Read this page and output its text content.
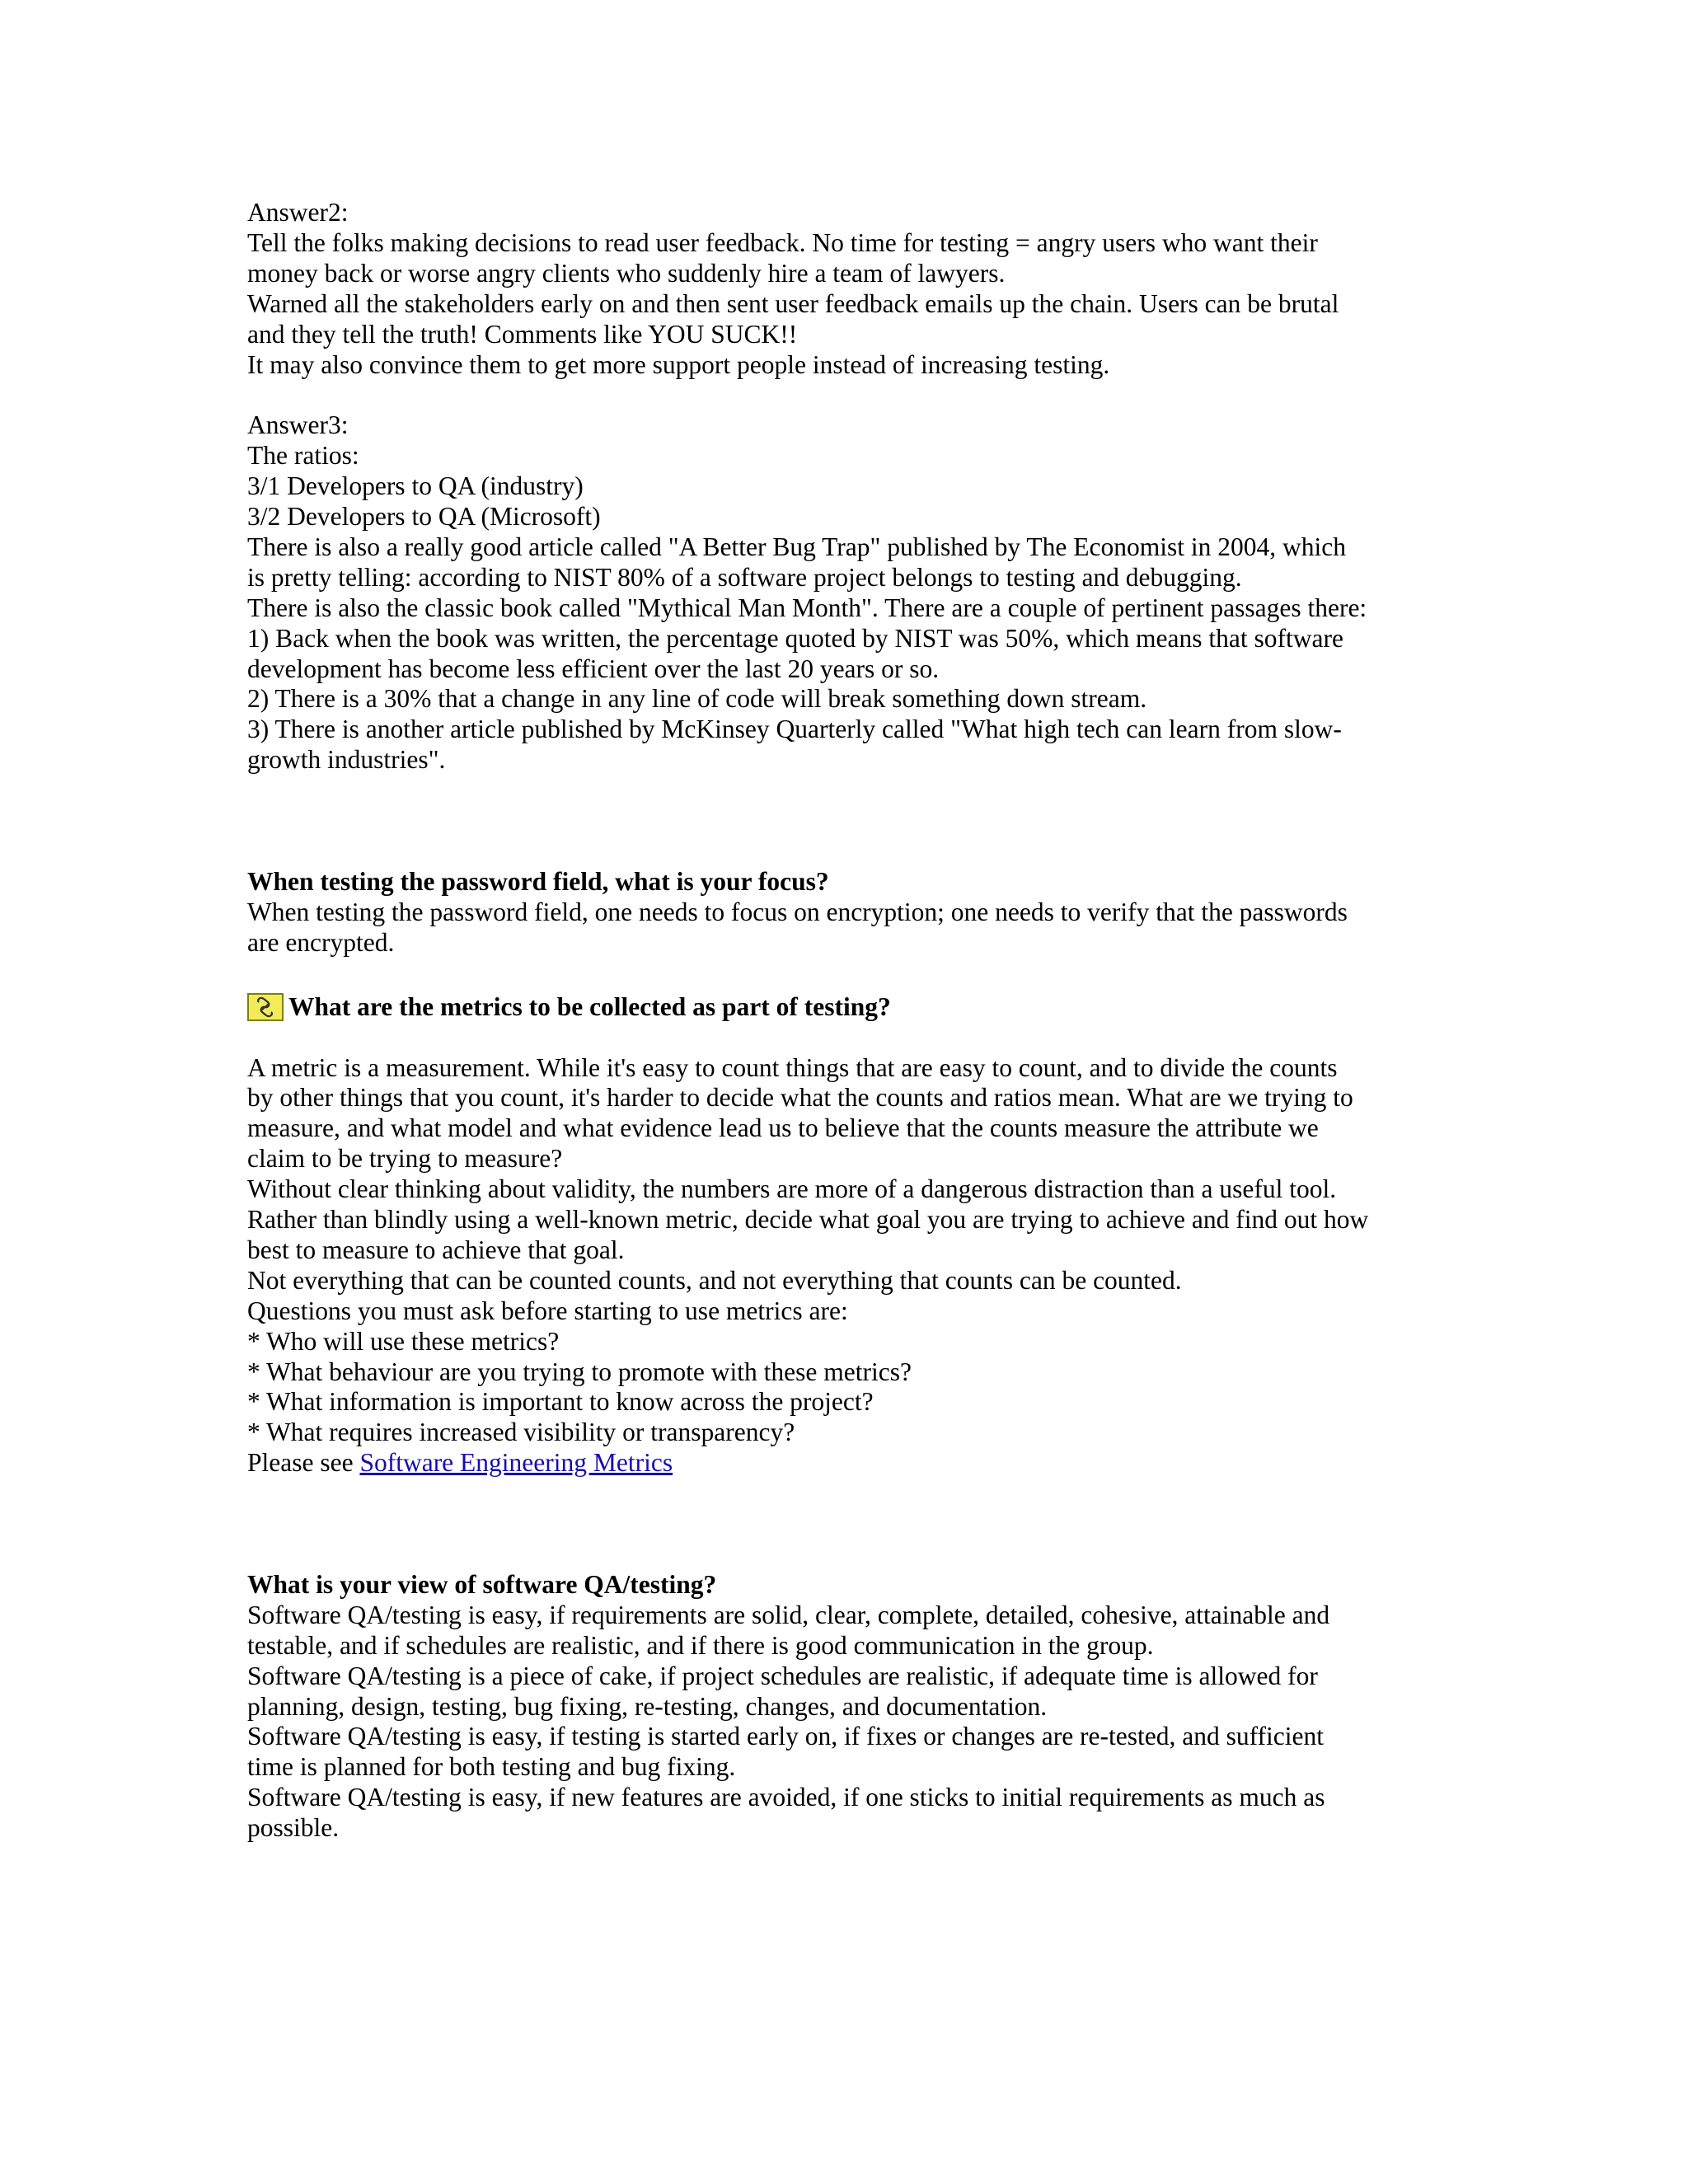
Answer2:
Tell the folks making decisions to read user feedback. No time for testing = angry users who want their
money back or worse angry clients who suddenly hire a team of lawyers.
Warned all the stakeholders early on and then sent user feedback emails up the chain. Users can be brutal
and they tell the truth! Comments like YOU SUCK!!
It may also convince them to get more support people instead of increasing testing.
Answer3:
The ratios:
3/1 Developers to QA (industry)
3/2 Developers to QA (Microsoft)
There is also a really good article called "A Better Bug Trap" published by The Economist in 2004, which
is pretty telling: according to NIST 80% of a software project belongs to testing and debugging.
There is also the classic book called "Mythical Man Month". There are a couple of pertinent passages there:
1) Back when the book was written, the percentage quoted by NIST was 50%, which means that software
development has become less efficient over the last 20 years or so.
2) There is a 30% that a change in any line of code will break something down stream.
3) There is another article published by McKinsey Quarterly called "What high tech can learn from slow-
growth industries".
When testing the password field, what is your focus?
When testing the password field, one needs to focus on encryption; one needs to verify that the passwords
are encrypted.
What are the metrics to be collected as part of testing?
A metric is a measurement. While it's easy to count things that are easy to count, and to divide the counts
by other things that you count, it's harder to decide what the counts and ratios mean. What are we trying to
measure, and what model and what evidence lead us to believe that the counts measure the attribute we
claim to be trying to measure?
Without clear thinking about validity, the numbers are more of a dangerous distraction than a useful tool.
Rather than blindly using a well-known metric, decide what goal you are trying to achieve and find out how
best to measure to achieve that goal.
Not everything that can be counted counts, and not everything that counts can be counted.
Questions you must ask before starting to use metrics are:
* Who will use these metrics?
* What behaviour are you trying to promote with these metrics?
* What information is important to know across the project?
* What requires increased visibility or transparency?
Please see Software Engineering Metrics
What is your view of software QA/testing?
Software QA/testing is easy, if requirements are solid, clear, complete, detailed, cohesive, attainable and
testable, and if schedules are realistic, and if there is good communication in the group.
Software QA/testing is a piece of cake, if project schedules are realistic, if adequate time is allowed for
planning, design, testing, bug fixing, re-testing, changes, and documentation.
Software QA/testing is easy, if testing is started early on, if fixes or changes are re-tested, and sufficient
time is planned for both testing and bug fixing.
Software QA/testing is easy, if new features are avoided, if one sticks to initial requirements as much as
possible.
